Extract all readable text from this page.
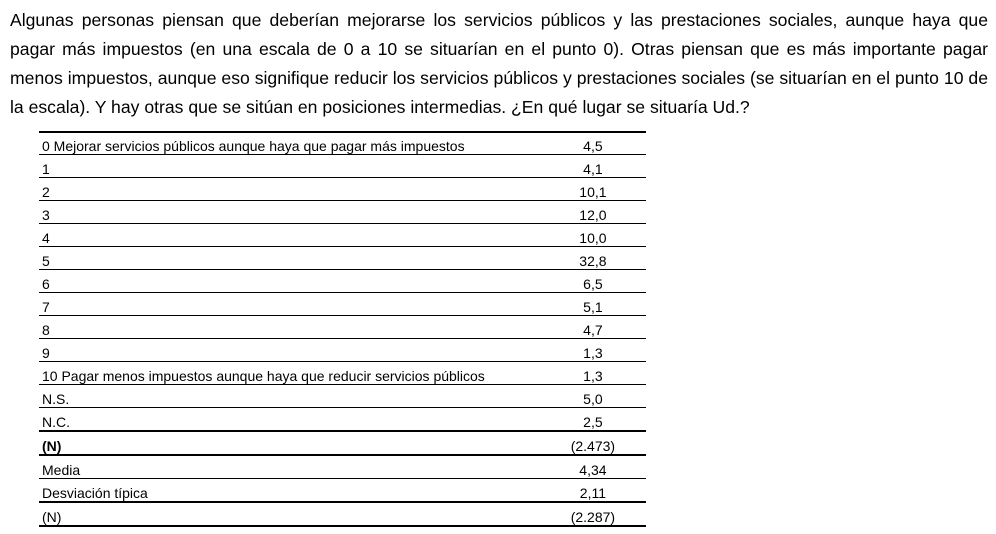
Algunas personas piensan que deberían mejorarse los servicios públicos y las prestaciones sociales, aunque haya que pagar más impuestos (en una escala de 0 a 10 se situarían en el punto 0). Otras piensan que es más importante pagar menos impuestos, aunque eso signifique reducir los servicios públicos y prestaciones sociales (se situarían en el punto 10 de la escala). Y hay otras que se sitúan en posiciones intermedias. ¿En qué lugar se situaría Ud.?

0 Mejorar servicios públicos aunque haya que pagar más impuestos	4,5
1	4,1
2	10,1
3	12,0
4	10,0
5	32,8
6	6,5
7	5,1
8	4,7
9	1,3
10 Pagar menos impuestos aunque haya que reducir servicios públicos	1,3
N.S.	5,0
N.C.	2,5
(N)	(2.473)
Media	4,34
Desviación típica	2,11
(N)	(2.287)
